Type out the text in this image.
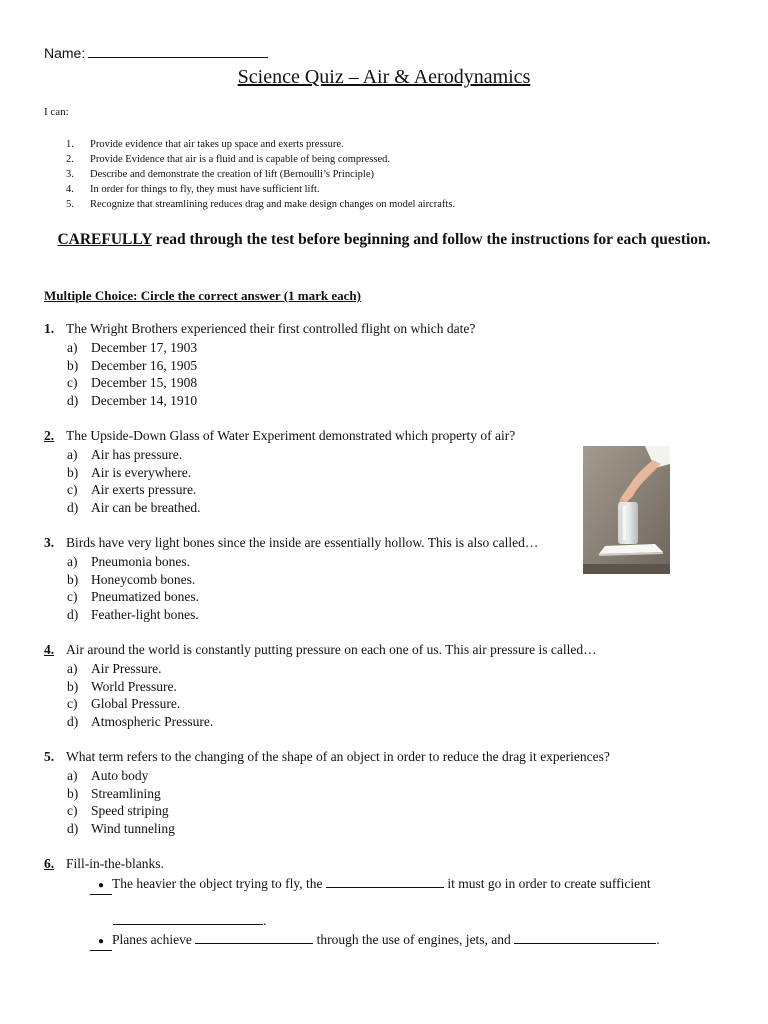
Name:
Science Quiz – Air & Aerodynamics
I can:
1. Provide evidence that air takes up space and exerts pressure.
2. Provide Evidence that air is a fluid and is capable of being compressed.
3. Describe and demonstrate the creation of lift (Bernoulli’s Principle)
4. In order for things to fly, they must have sufficient lift.
5. Recognize that streamlining reduces drag and make design changes on model aircrafts.
CAREFULLY read through the test before beginning and follow the instructions for each question.
Multiple Choice: Circle the correct answer (1 mark each)
1. The Wright Brothers experienced their first controlled flight on which date?
a) December 17, 1903
b) December 16, 1905
c) December 15, 1908
d) December 14, 1910
2. The Upside-Down Glass of Water Experiment demonstrated which property of air?
a) Air has pressure.
b) Air is everywhere.
c) Air exerts pressure.
d) Air can be breathed.
3. Birds have very light bones since the inside are essentially hollow. This is also called…
a) Pneumonia bones.
b) Honeycomb bones.
c) Pneumatized bones.
d) Feather-light bones.
4. Air around the world is constantly putting pressure on each one of us. This air pressure is called…
a) Air Pressure.
b) World Pressure.
c) Global Pressure.
d) Atmospheric Pressure.
5. What term refers to the changing of the shape of an object in order to reduce the drag it experiences?
a) Auto body
b) Streamlining
c) Speed striping
d) Wind tunneling
6. Fill-in-the-blanks.
● The heavier the object trying to fly, the	it must go in order to create sufficient
.
● Planes achieve	through the use of engines, jets, and	.
